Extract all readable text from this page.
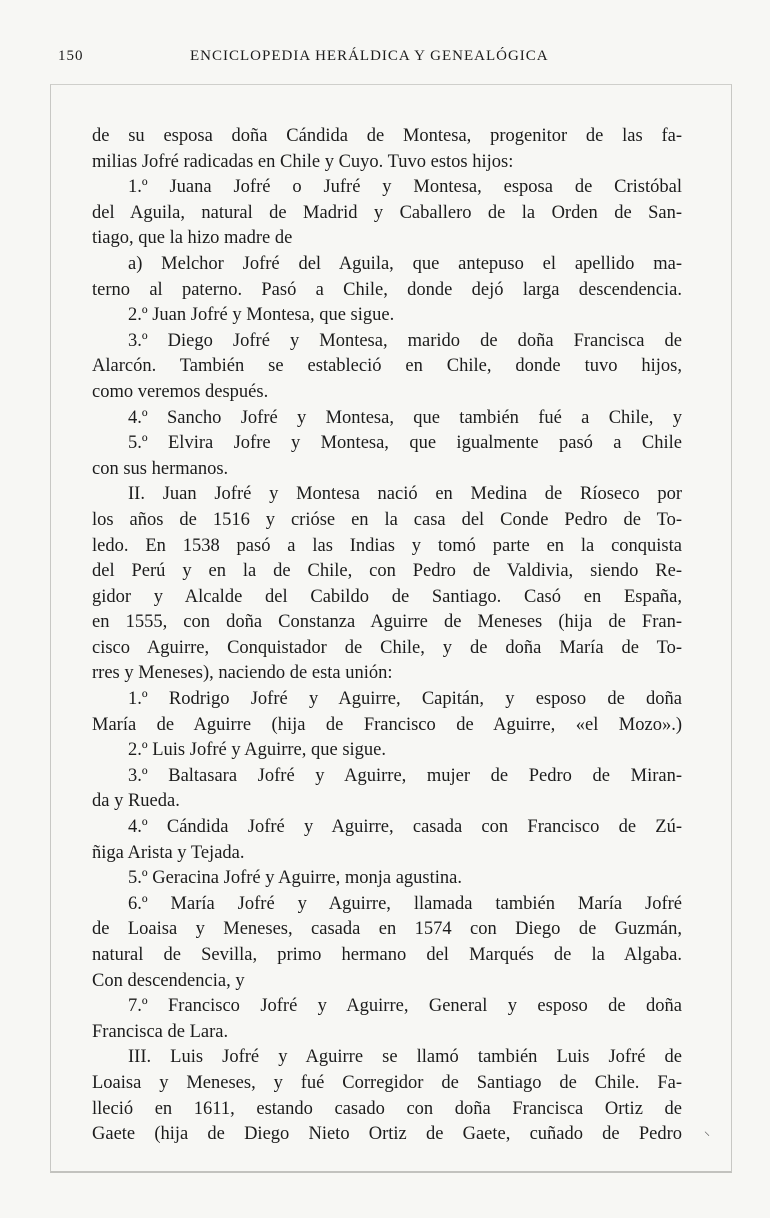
150	ENCICLOPEDIA HERÁLDICA Y GENEALÓGICA
de su esposa doña Cándida de Montesa, progenitor de las fa-
milias Jofré radicadas en Chile y Cuyo. Tuvo estos hijos:
1.º Juana Jofré o Jufré y Montesa, esposa de Cristóbal
del Aguila, natural de Madrid y Caballero de la Orden de San-
tiago, que la hizo madre de
a) Melchor Jofré del Aguila, que antepuso el apellido ma-
terno al paterno. Pasó a Chile, donde dejó larga descendencia.
2.º Juan Jofré y Montesa, que sigue.
3.º Diego Jofré y Montesa, marido de doña Francisca de
Alarcón. También se estableció en Chile, donde tuvo hijos,
como veremos después.
4.º Sancho Jofré y Montesa, que también fué a Chile, y
5.º Elvira Jofre y Montesa, que igualmente pasó a Chile
con sus hermanos.
II. Juan Jofré y Montesa nació en Medina de Ríoseco por
los años de 1516 y crióse en la casa del Conde Pedro de To-
ledo. En 1538 pasó a las Indias y tomó parte en la conquista
del Perú y en la de Chile, con Pedro de Valdivia, siendo Re-
gidor y Alcalde del Cabildo de Santiago. Casó en España,
en 1555, con doña Constanza Aguirre de Meneses (hija de Fran-
cisco Aguirre, Conquistador de Chile, y de doña María de To-
rres y Meneses), naciendo de esta unión:
1.º Rodrigo Jofré y Aguirre, Capitán, y esposo de doña
María de Aguirre (hija de Francisco de Aguirre, «el Mozo».)
2.º Luis Jofré y Aguirre, que sigue.
3.º Baltasara Jofré y Aguirre, mujer de Pedro de Miran-
da y Rueda.
4.º Cándida Jofré y Aguirre, casada con Francisco de Zú-
ñiga Arista y Tejada.
5.º Geracina Jofré y Aguirre, monja agustina.
6.º María Jofré y Aguirre, llamada también María Jofré
de Loaisa y Meneses, casada en 1574 con Diego de Guzmán,
natural de Sevilla, primo hermano del Marqués de la Algaba.
Con descendencia, y
7.º Francisco Jofré y Aguirre, General y esposo de doña
Francisca de Lara.
III. Luis Jofré y Aguirre se llamó también Luis Jofré de
Loaisa y Meneses, y fué Corregidor de Santiago de Chile. Fa-
lleció en 1611, estando casado con doña Francisca Ortiz de
Gaete (hija de Diego Nieto Ortiz de Gaete, cuñado de Pedro ⸜
